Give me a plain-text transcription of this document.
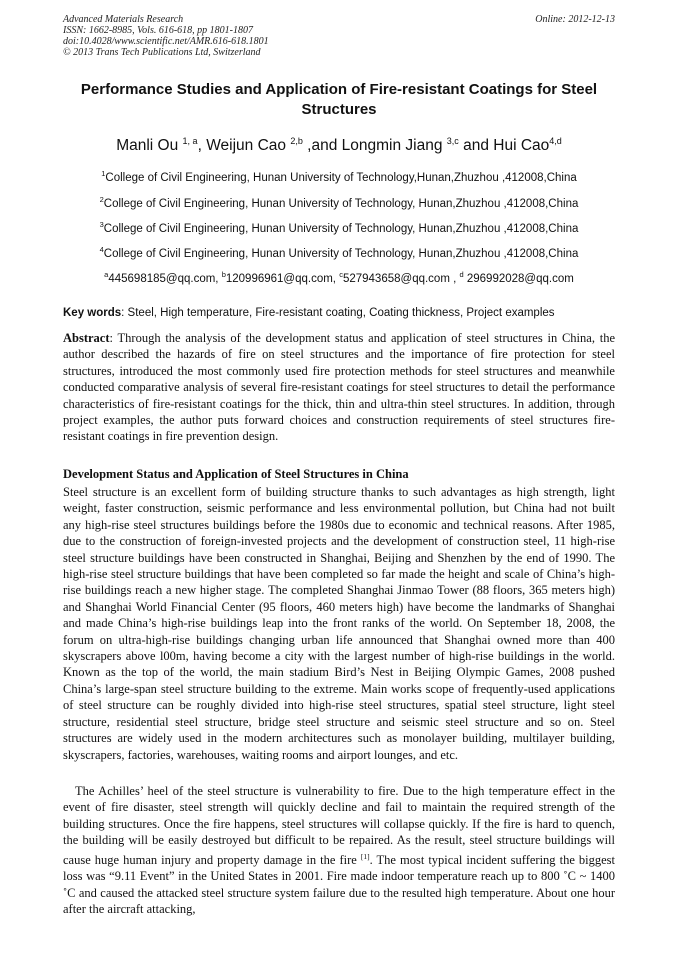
Advanced Materials Research
ISSN: 1662-8985, Vols. 616-618, pp 1801-1807
doi:10.4028/www.scientific.net/AMR.616-618.1801
© 2013 Trans Tech Publications Ltd, Switzerland
Online: 2012-12-13
Performance Studies and Application of Fire-resistant Coatings for Steel
Structures
Manli Ou $^{1, a}$, Weijun Cao $^{2,b}$ ,and Longmin Jiang $^{3,c}$ and Hui Cao$^{4,d}$
$^1$College of Civil Engineering, Hunan University of Technology,Hunan,Zhuzhou ,412008,China
$^2$College of Civil Engineering, Hunan University of Technology, Hunan,Zhuzhou ,412008,China
$^3$College of Civil Engineering, Hunan University of Technology, Hunan,Zhuzhou ,412008,China
$^4$College of Civil Engineering, Hunan University of Technology, Hunan,Zhuzhou ,412008,China
$^a$445698185@qq.com, $^b$120996961@qq.com, $^c$527943658@qq.com , $^d$ 296992028@qq.com
Key words: Steel, High temperature, Fire-resistant coating, Coating thickness, Project examples
Abstract: Through the analysis of the development status and application of steel structures in China, the author described the hazards of fire on steel structures and the importance of fire protection for steel structures, introduced the most commonly used fire protection methods for steel structures and meanwhile conducted comparative analysis of several fire-resistant coatings for steel structures to detail the performance characteristics of fire-resistant coatings for the thick, thin and ultra-thin steel structures. In addition, through project examples, the author puts forward choices and construction requirements of steel structures fire-resistant coatings in fire prevention design.
Development Status and Application of Steel Structures in China
Steel structure is an excellent form of building structure thanks to such advantages as high strength, light weight, faster construction, seismic performance and less environmental pollution, but China had not built any high-rise steel structures buildings before the 1980s due to economic and technical reasons. After 1985, due to the construction of foreign-invested projects and the development of construction steel, 11 high-rise steel structure buildings have been constructed in Shanghai, Beijing and Shenzhen by the end of 1990. The high-rise steel structure buildings that have been completed so far made the height and scale of China’s high-rise buildings reach a new higher stage. The completed Shanghai Jinmao Tower (88 floors, 365 meters high) and Shanghai World Financial Center (95 floors, 460 meters high) have become the landmarks of Shanghai and made China’s high-rise buildings leap into the front ranks of the world. On September 18, 2008, the forum on ultra-high-rise buildings changing urban life announced that Shanghai owned more than 400 skyscrapers above l00m, having become a city with the largest number of high-rise buildings in the world. Known as the top of the world, the main stadium Bird’s Nest in Beijing Olympic Games, 2008 pushed China’s large-span steel structure building to the extreme. Main works scope of frequently-used applications of steel structure can be roughly divided into high-rise steel structures, spatial steel structure, light steel structure, residential steel structure, bridge steel structure and seismic steel structure and so on. Steel structures are widely used in the modern architectures such as monolayer building, multilayer building, skyscrapers, factories, warehouses, waiting rooms and airport lounges, and etc.
The Achilles’ heel of the steel structure is vulnerability to fire. Due to the high temperature effect in the event of fire disaster, steel strength will quickly decline and fail to maintain the required strength of the building structures. Once the fire happens, steel structures will collapse quickly. If the fire is hard to quench, the building will be easily destroyed but difficult to be repaired. As the result, steel structure buildings will cause huge human injury and property damage in the fire [1]. The most typical incident suffering the biggest loss was “9.11 Event” in the United States in 2001. Fire made indoor temperature reach up to 800 ˚C ~ 1400 ˚C and caused the attacked steel structure system failure due to the resulted high temperature. About one hour after the aircraft attacking,
